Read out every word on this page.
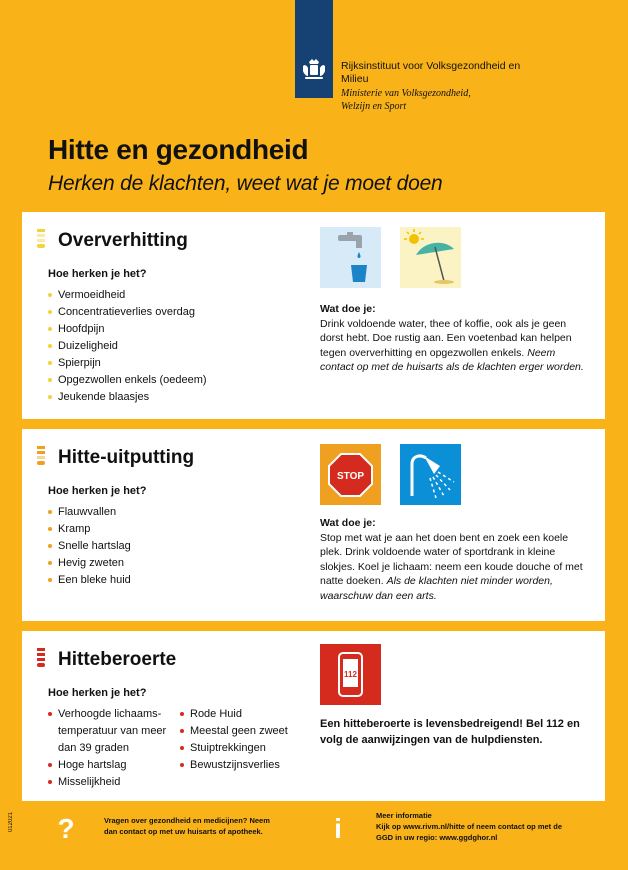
Rijksinstituut voor Volksgezondheid en Milieu
Ministerie van Volksgezondheid, Welzijn en Sport
Hitte en gezondheid
Herken de klachten, weet wat je moet doen
Oververhitting
Hoe herken je het?
Vermoeidheid
Concentratieverlies overdag
Hoofdpijn
Duizeligheid
Spierpijn
Opgezwollen enkels (oedeem)
Jeukende blaasjes
Wat doe je:
Drink voldoende water, thee of koffie, ook als je geen dorst hebt. Doe rustig aan. Een voetenbad kan helpen tegen oververhitting en opgezwollen enkels. Neem contact op met de huisarts als de klachten erger worden.
Hitte-uitputting
Hoe herken je het?
Flauwvallen
Kramp
Snelle hartslag
Hevig zweten
Een bleke huid
STOP
Wat doe je:
Stop met wat je aan het doen bent en zoek een koele plek. Drink voldoende water of sportdrank in kleine slokjes. Koel je lichaam: neem een koude douche of met natte doeken. Als de klachten niet minder worden, waarschuw dan een arts.
Hitteberoerte
Hoe herken je het?
Verhoogde lichaams-
temperatuur van meer
dan 39 graden
Hoge hartslag
Misselijkheid
Rode Huid
Meestal geen zweet
Stuiptrekkingen
Bewustzijnsverlies
112
Een hitteberoerte is levensbedreigend! Bel 112 en volg de aanwijzingen van de hulpdiensten.
012021	?	Vragen over gezondheid en medicijnen? Neem dan contact op met uw huisarts of apotheek.	i	Meer informatie
Kijk op www.rivm.nl/hitte of neem contact op met de GGD in uw regio: www.ggdghor.nl
